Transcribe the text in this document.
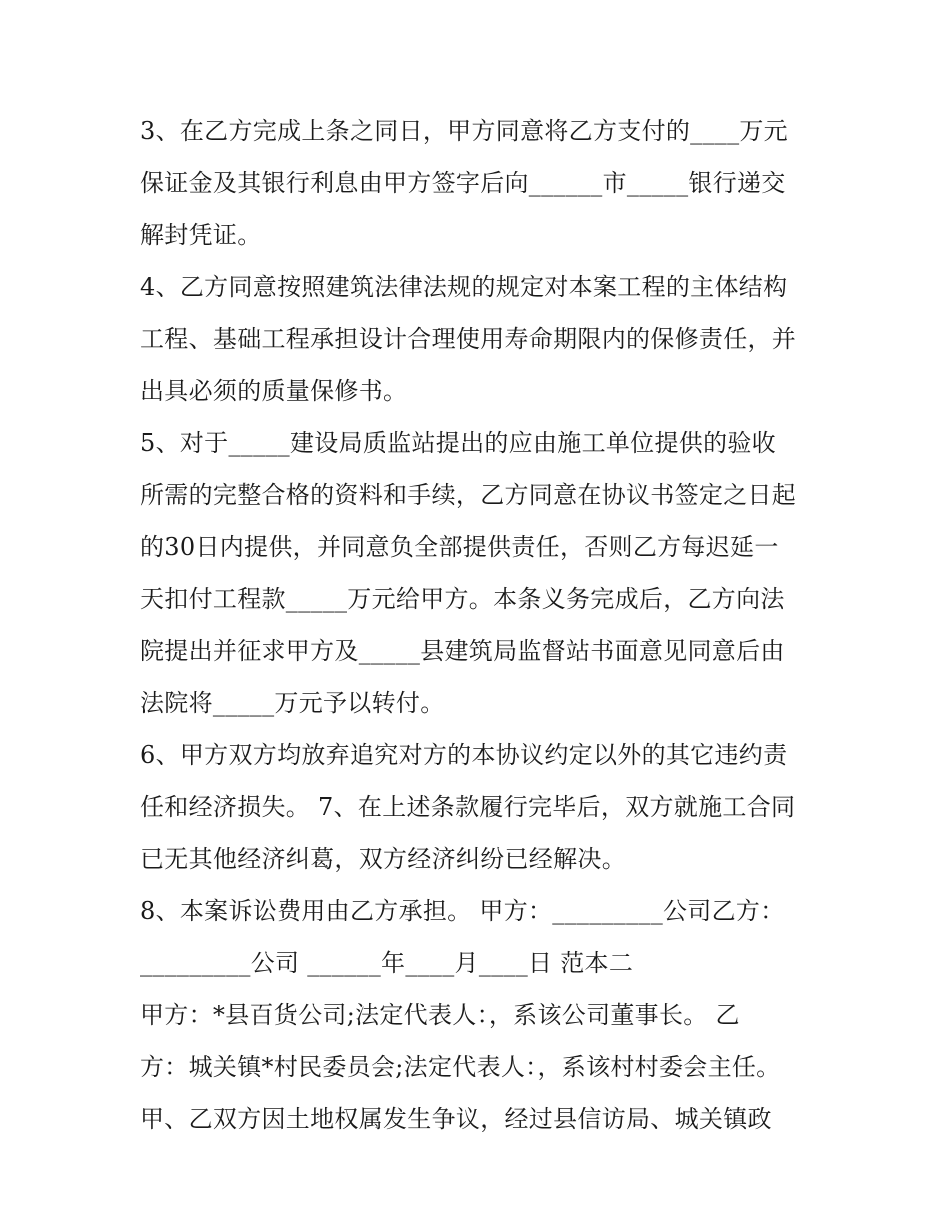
3、在乙方完成上条之同日，甲方同意将乙方支付的____万元
保证金及其银行利息由甲方签字后向______市_____银行递交
解封凭证。
4、乙方同意按照建筑法律法规的规定对本案工程的主体结构
工程、基础工程承担设计合理使用寿命期限内的保修责任，并
出具必须的质量保修书。
5、对于_____建设局质监站提出的应由施工单位提供的验收
所需的完整合格的资料和手续，乙方同意在协议书签定之日起
的30日内提供，并同意负全部提供责任，否则乙方每迟延一
天扣付工程款_____万元给甲方。本条义务完成后，乙方向法
院提出并征求甲方及_____县建筑局监督站书面意见同意后由
法院将_____万元予以转付。
6、甲方双方均放弃追究对方的本协议约定以外的其它违约责
任和经济损失。 7、在上述条款履行完毕后，双方就施工合同
已无其他经济纠葛，双方经济纠纷已经解决。
8、本案诉讼费用由乙方承担。 甲方：_________公司乙方：
_________公司 ______年____月____日 范本二
甲方：*县百货公司;法定代表人：，系该公司董事长。 乙
方：城关镇*村民委员会;法定代表人：，系该村村委会主任。
甲、乙双方因土地权属发生争议，经过县信访局、城关镇政
